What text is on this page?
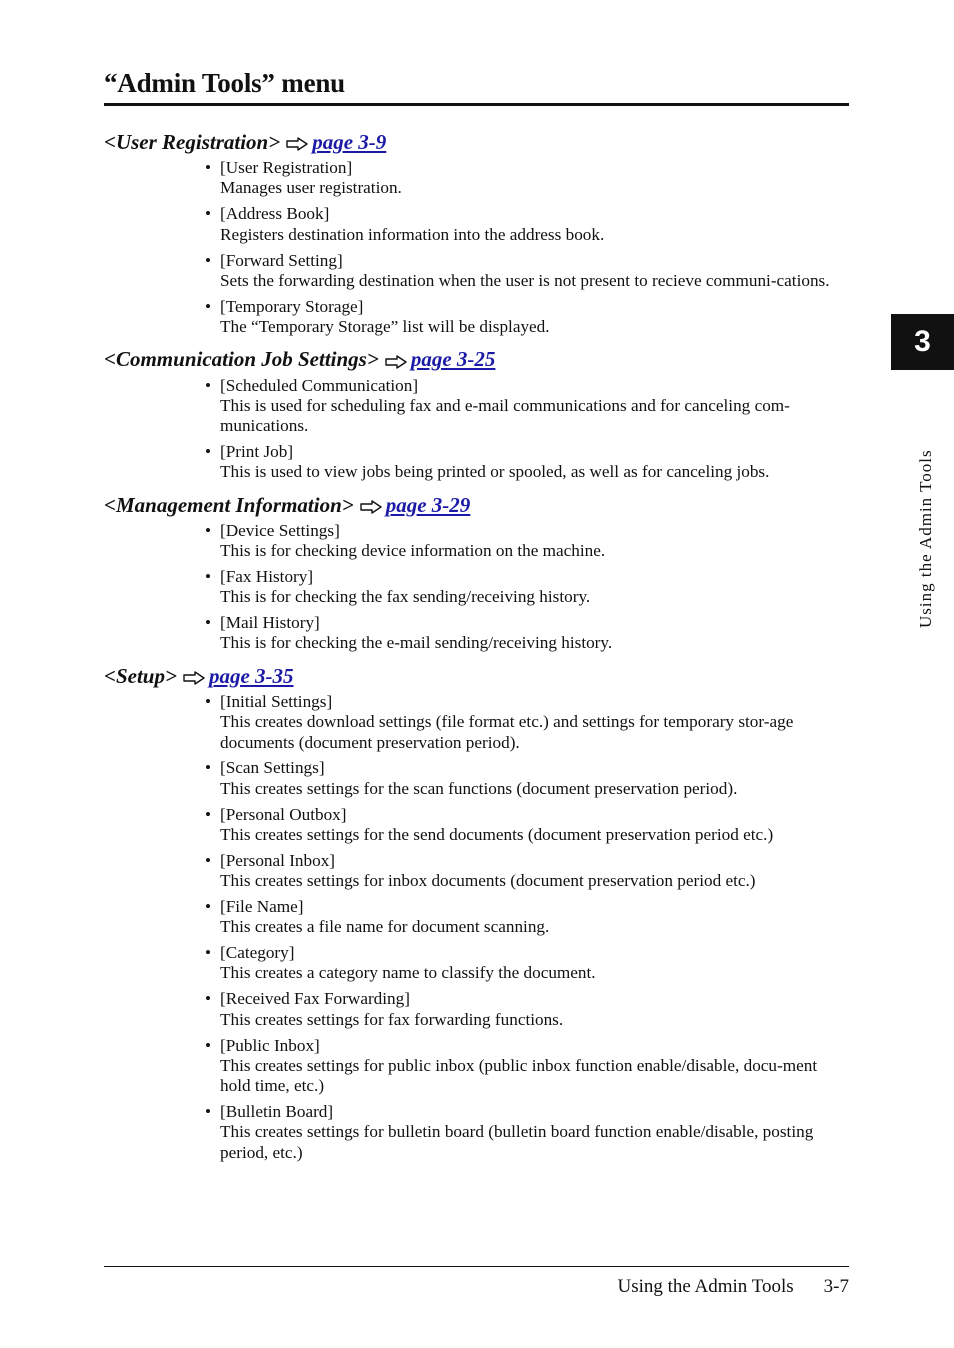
“Admin Tools” menu
3
Using the Admin Tools
<User Registration> page 3-9
• [User Registration]
Manages user registration.
• [Address Book]
Registers destination information into the address book.
• [Forward Setting]
Sets the forwarding destination when the user is not present to recieve communi-cations.
• [Temporary Storage]
The “Temporary Storage” list will be displayed.
<Communication Job Settings> page 3-25
• [Scheduled Communication]
This is used for scheduling fax and e-mail communications and for canceling com-munications.
• [Print Job]
This is used to view jobs being printed or spooled, as well as for canceling jobs.
<Management Information> page 3-29
• [Device Settings]
This is for checking device information on the machine.
• [Fax History]
This is for checking the fax sending/receiving history.
• [Mail History]
This is for checking the e-mail sending/receiving history.
<Setup> page 3-35
• [Initial Settings]
This creates download settings (file format etc.) and settings for temporary stor-age documents (document preservation period).
• [Scan Settings]
This creates settings for the scan functions (document preservation period).
• [Personal Outbox]
This creates settings for the send documents (document preservation period etc.)
• [Personal Inbox]
This creates settings for inbox documents (document preservation period etc.)
• [File Name]
This creates a file name for document scanning.
• [Category]
This creates a category name to classify the document.
• [Received Fax Forwarding]
This creates settings for fax forwarding functions.
• [Public Inbox]
This creates settings for public inbox (public inbox function enable/disable, docu-ment hold time, etc.)
• [Bulletin Board]
This creates settings for bulletin board (bulletin board function enable/disable, posting period, etc.)
Using the Admin Tools 3-7
